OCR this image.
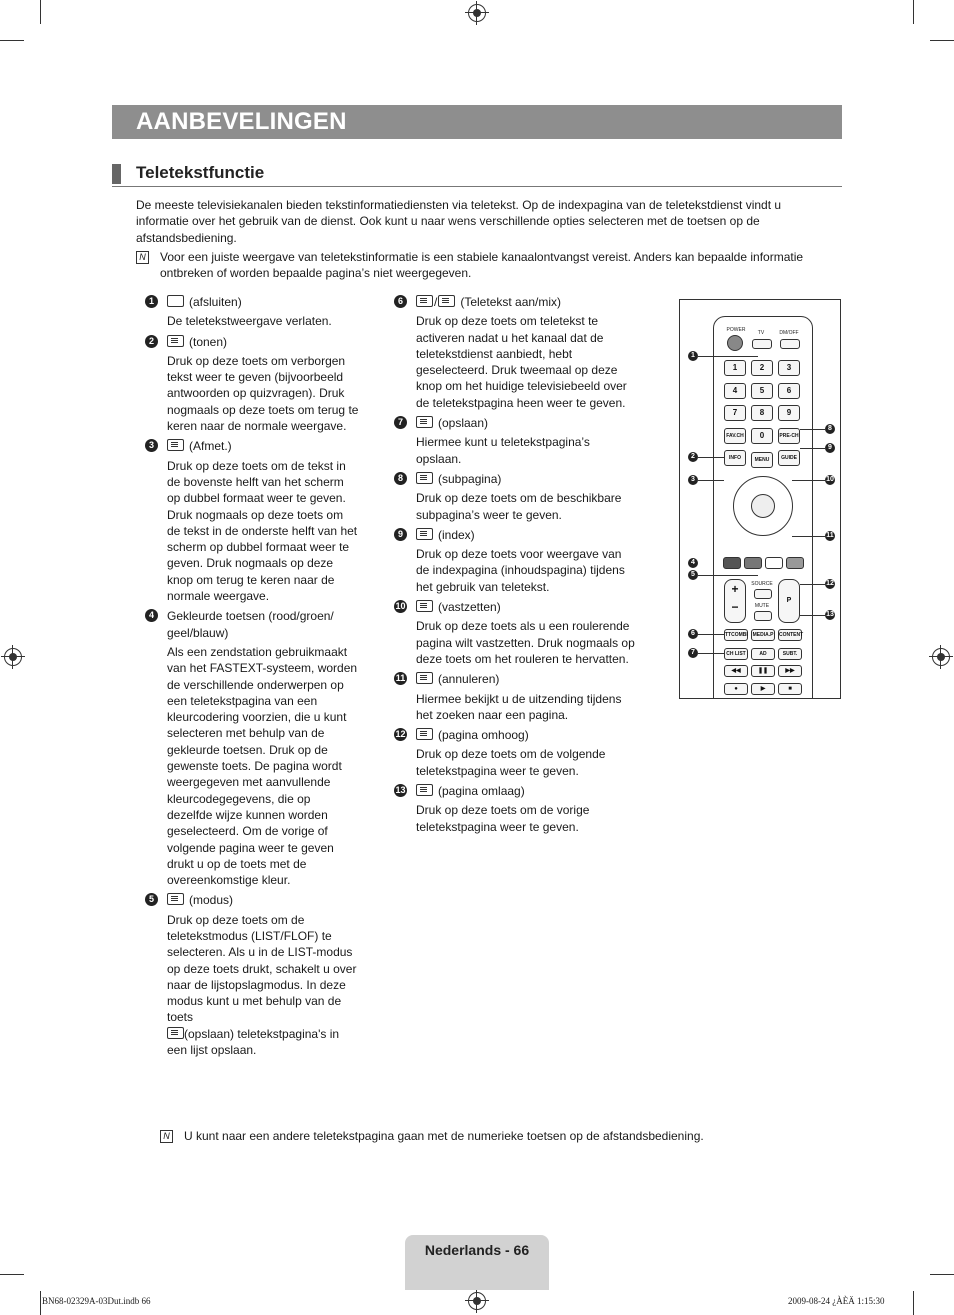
AANBEVELINGEN
Teletekstfunctie
De meeste televisiekanalen bieden tekstinformatiediensten via teletekst. Op de indexpagina van de teletekstdienst vindt u informatie over het gebruik van de dienst. Ook kunt u naar wens verschillende opties selecteren met de toetsen op de afstandsbediening.
N Voor een juiste weergave van teletekstinformatie is een stabiele kanaalontvangst vereist. Anders kan bepaalde informatie ontbreken of worden bepaalde pagina’s niet weergegeven.
1	(afsluiten)
De teletekstweergave verlaten.
2	(tonen)
Druk op deze toets om verborgen tekst weer te geven (bijvoorbeeld antwoorden op quizvragen). Druk nogmaals op deze toets om terug te keren naar de normale weergave.
3	(Afmet.)
Druk op deze toets om de tekst in de bovenste helft van het scherm op dubbel formaat weer te geven. Druk nogmaals op deze toets om de tekst in de onderste helft van het scherm op dubbel formaat weer te geven. Druk nogmaals op deze knop om terug te keren naar de normale weergave.
4	Gekleurde toetsen (rood/groen/ geel/blauw)
Als een zendstation gebruikmaakt van het FASTEXT-systeem, worden de verschillende onderwerpen op een teletekstpagina van een kleurcodering voorzien, die u kunt selecteren met behulp van de gekleurde toetsen. Druk op de gewenste toets. De pagina wordt weergegeven met aanvullende kleurcodegegevens, die op dezelfde wijze kunnen worden geselecteerd. Om de vorige of volgende pagina weer te geven drukt u op de toets met de overeenkomstige kleur.
5	(modus)
Druk op deze toets om de teletekstmodus (LIST/FLOF) te selecteren. Als u in de LIST-modus op deze toets drukt, schakelt u over naar de lijstopslagmodus. In deze modus kunt u met behulp van de toets
(opslaan) teletekstpagina's in een lijst opslaan.
6	/ (Teletekst aan/mix)
Druk op deze toets om teletekst te activeren nadat u het kanaal dat de teletekstdienst aanbiedt, hebt geselecteerd. Druk tweemaal op deze knop om het huidige televisiebeeld over de teletekstpagina heen weer te geven.
7	(opslaan)
Hiermee kunt u teletekstpagina’s opslaan.
8	(subpagina)
Druk op deze toets om de beschikbare subpagina’s weer te geven.
9	(index)
Druk op deze toets voor weergave van de indexpagina (inhoudspagina) tijdens het gebruik van teletekst.
10	(vastzetten)
Druk op deze toets als u een roulerende pagina wilt vastzetten. Druk nogmaals op deze toets om het rouleren te hervatten.
11	(annuleren)
Hiermee bekijkt u de uitzending tijdens het zoeken naar een pagina.
12	(pagina omhoog)
Druk op deze toets om de volgende teletekstpagina weer te geven.
13	(pagina omlaag)
Druk op deze toets om de vorige teletekstpagina weer te geven.
POWER	TV	DM/OFF
1	2	3
4	5	6
7	8	9
FAV.CH	0	PRE-CH
INFO	MENU	GUIDE
+
−
SOURCE
MUTE
P
TTCOMBI MEDIA.P	CONTENT
CH LIST	AD	SUBT.
◀◀	❚❚	▶▶
●	▶	■
1
2
3
4
5
6
7
8
9
10
11
12
13
N U kunt naar een andere teletekstpagina gaan met de numerieke toetsen op de afstandsbediening.
Nederlands - 66
BN68-02329A-03Dut.indb 66	2009-08-24 ¿ÀÈÄ 1:15:30
